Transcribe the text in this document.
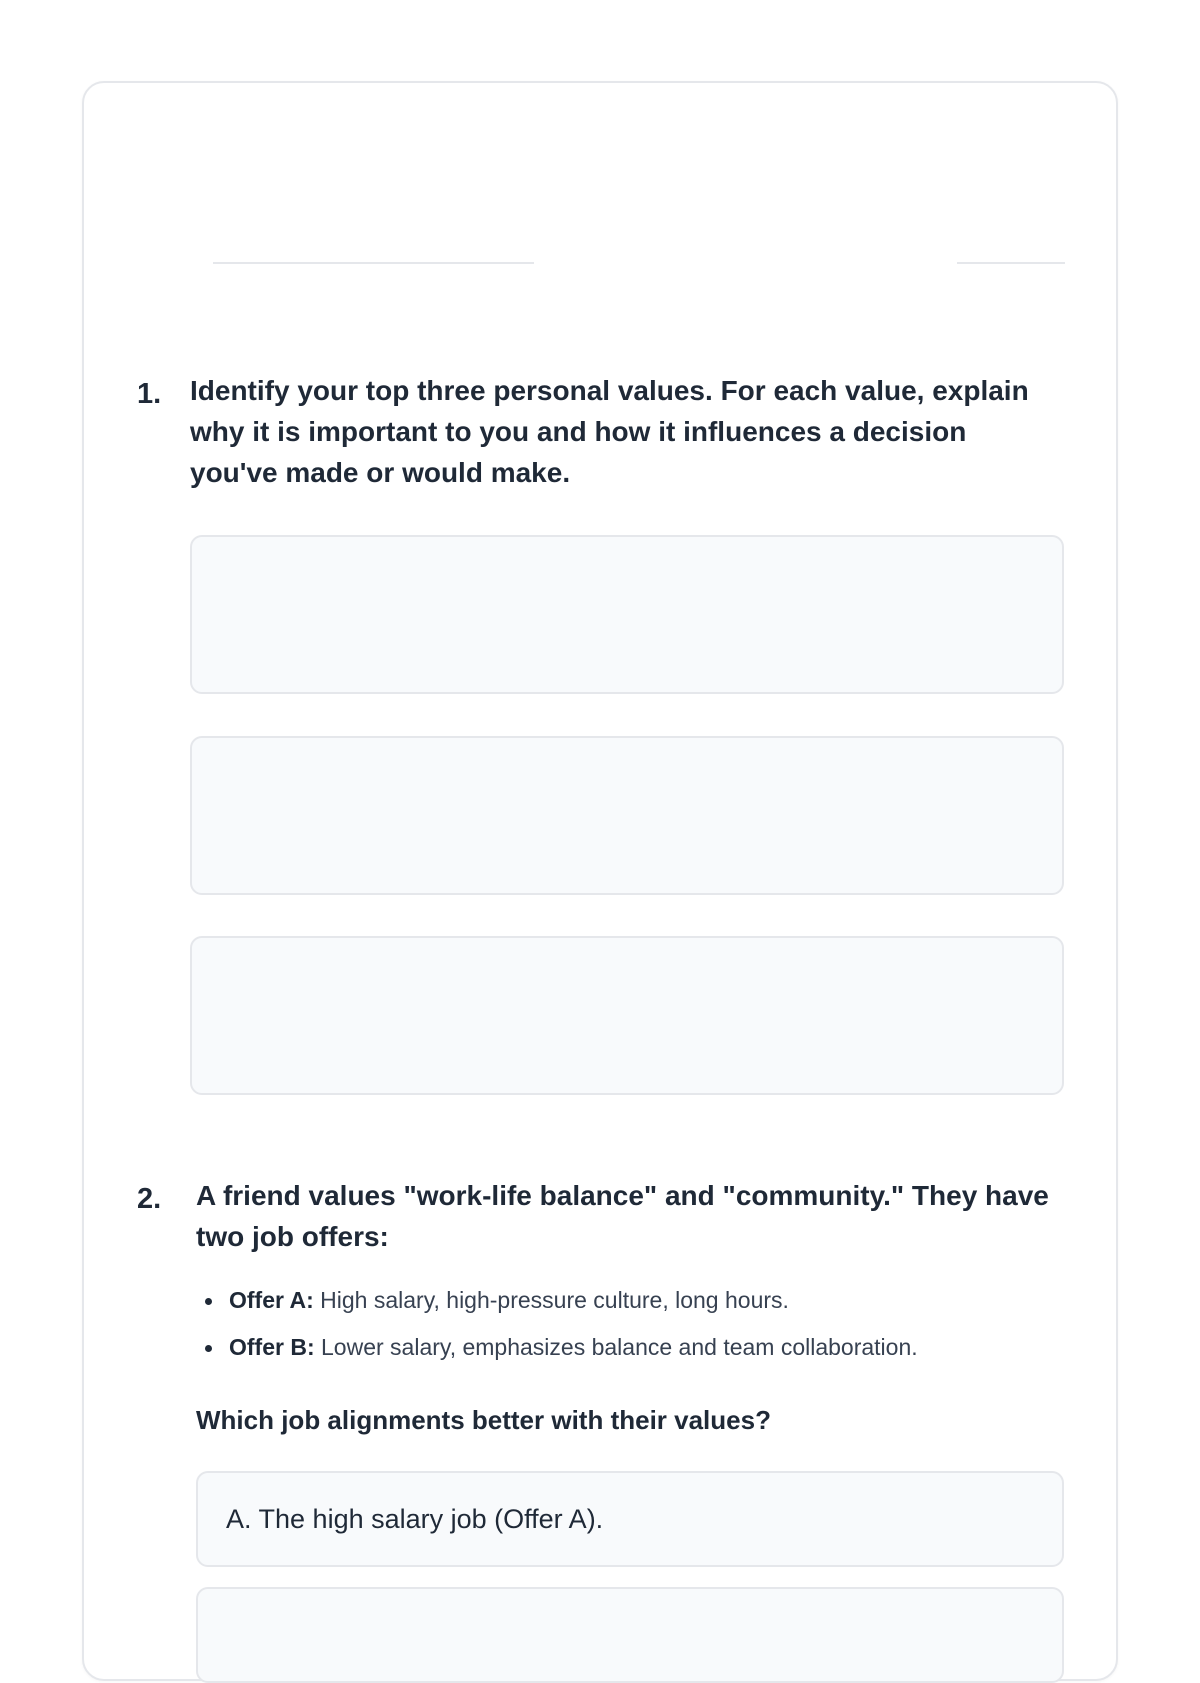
1. Identify your top three personal values. For each value, explain why it is important to you and how it influences a decision you've made or would make.
2. A friend values "work-life balance" and "community." They have two job offers:
Offer A: High salary, high-pressure culture, long hours.
Offer B: Lower salary, emphasizes balance and team collaboration.
Which job alignments better with their values?
A. The high salary job (Offer A).
